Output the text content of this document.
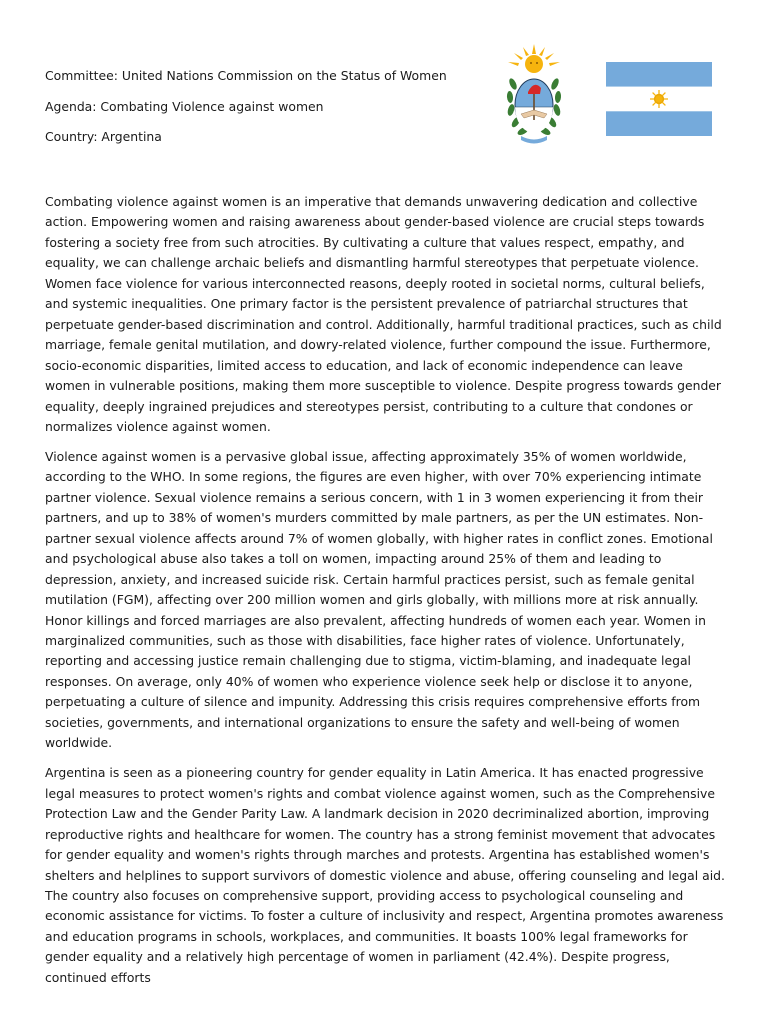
Committee: United Nations Commission on the Status of Women

Agenda: Combating Violence against women

Country: Argentina

Combating violence against women is an imperative that demands unwavering dedication and collective action. Empowering women and raising awareness about gender-based violence are crucial steps towards fostering a society free from such atrocities. By cultivating a culture that values respect, empathy, and equality, we can challenge archaic beliefs and dismantling harmful stereotypes that perpetuate violence. Women face violence for various interconnected reasons, deeply rooted in societal norms, cultural beliefs, and systemic inequalities. One primary factor is the persistent prevalence of patriarchal structures that perpetuate gender-based discrimination and control. Additionally, harmful traditional practices, such as child marriage, female genital mutilation, and dowry-related violence, further compound the issue. Furthermore, socio-economic disparities, limited access to education, and lack of economic independence can leave women in vulnerable positions, making them more susceptible to violence. Despite progress towards gender equality, deeply ingrained prejudices and stereotypes persist, contributing to a culture that condones or normalizes violence against women.

Violence against women is a pervasive global issue, affecting approximately 35% of women worldwide, according to the WHO. In some regions, the figures are even higher, with over 70% experiencing intimate partner violence. Sexual violence remains a serious concern, with 1 in 3 women experiencing it from their partners, and up to 38% of women's murders committed by male partners, as per the UN estimates. Non-partner sexual violence affects around 7% of women globally, with higher rates in conflict zones. Emotional and psychological abuse also takes a toll on women, impacting around 25% of them and leading to depression, anxiety, and increased suicide risk. Certain harmful practices persist, such as female genital mutilation (FGM), affecting over 200 million women and girls globally, with millions more at risk annually. Honor killings and forced marriages are also prevalent, affecting hundreds of women each year. Women in marginalized communities, such as those with disabilities, face higher rates of violence. Unfortunately, reporting and accessing justice remain challenging due to stigma, victim-blaming, and inadequate legal responses. On average, only 40% of women who experience violence seek help or disclose it to anyone, perpetuating a culture of silence and impunity. Addressing this crisis requires comprehensive efforts from societies, governments, and international organizations to ensure the safety and well-being of women worldwide.

Argentina is seen as a pioneering country for gender equality in Latin America. It has enacted progressive legal measures to protect women's rights and combat violence against women, such as the Comprehensive Protection Law and the Gender Parity Law. A landmark decision in 2020 decriminalized abortion, improving reproductive rights and healthcare for women. The country has a strong feminist movement that advocates for gender equality and women's rights through marches and protests. Argentina has established women's shelters and helplines to support survivors of domestic violence and abuse, offering counseling and legal aid. The country also focuses on comprehensive support, providing access to psychological counseling and economic assistance for victims. To foster a culture of inclusivity and respect, Argentina promotes awareness and education programs in schools, workplaces, and communities. It boasts 100% legal frameworks for gender equality and a relatively high percentage of women in parliament (42.4%). Despite progress, continued efforts
